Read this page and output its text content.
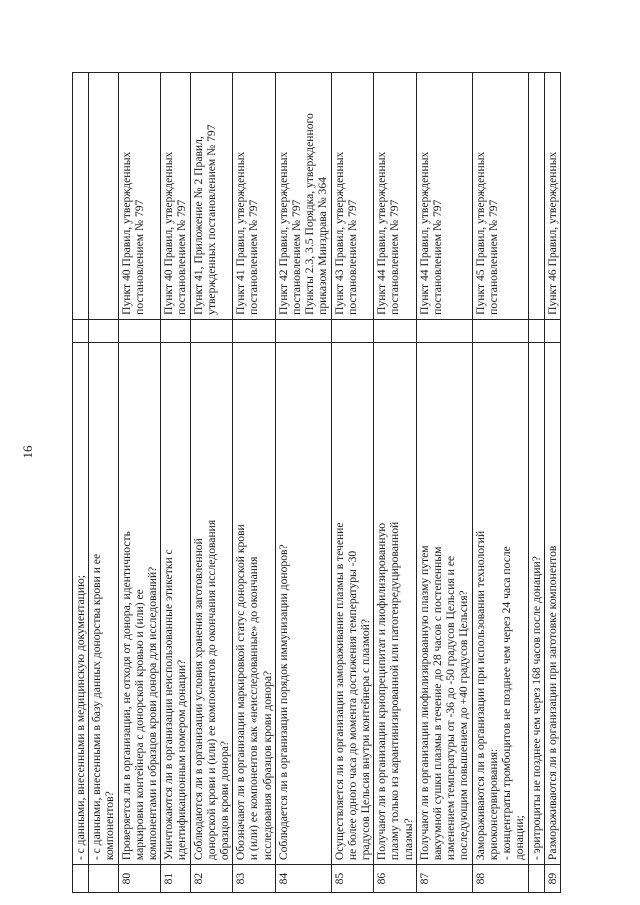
16

	- с данными, внесенными в медицинскую документацию;		

	- с данными, внесенными в базу данных донорства крови и ее компонентов?		

80	Проверяется ли в организации, не отходя от донора, идентичность маркировки контейнера с донорской кровью и (или) ее компонентами и образцов крови донора для исследований?		Пункт 40 Правил, утвержденных постановлением № 797

81	Уничтожаются ли в организации неиспользованные этикетки с идентификационным номером донации?		Пункт 40 Правил, утвержденных постановлением № 797

82	Соблюдаются ли в организации условия хранения заготовленной донорской крови и (или) ее компонентов до окончания исследования образцов крови донора?		Пункт 41, Приложение № 2 Правил, утвержденных постановлением № 797

83	Обозначают ли в организации маркировкой статус донорской крови и (или) ее компонентов как «неисследованные» до окончания исследования образцов крови донора?		Пункт 41 Правил, утвержденных постановлением № 797

84	Соблюдается ли в организации порядок иммунизации доноров?		Пункт 42 Правил, утвержденных постановлением № 797 Пункты 2.3, 3.5 Порядка, утвержденного приказом Минздрава № 364

85	Осуществляется ли в организации замораживание плазмы в течение не более одного часа до момента достижения температуры -30 градусов Цельсия внутри контейнера с плазмой?		Пункт 43 Правил, утвержденных постановлением № 797

86	Получают ли в организации криопреципитат и лиофилизированную плазму только из карантинизированной или патогенредуцированной плазмы?		Пункт 44 Правил, утвержденных постановлением № 797

87	Получают ли в организации лиофилизированную плазму путем вакуумной сушки плазмы в течение до 28 часов с постепенным изменением температуры от -36 до -50 градусов Цельсия и ее последующим повышением до +40 градусов Цельсия?		Пункт 44 Правил, утвержденных постановлением № 797

88	Замораживаются ли в организации при использовании технологий криоконсервирования: - концентраты тромбоцитов не позднее чем через 24 часа после донации;		Пункт 45 Правил, утвержденных постановлением № 797

	- эритроциты не позднее чем через 168 часов после донации?		

89	Размораживаются ли в организации при заготовке компонентов		Пункт 46 Правил, утвержденных
